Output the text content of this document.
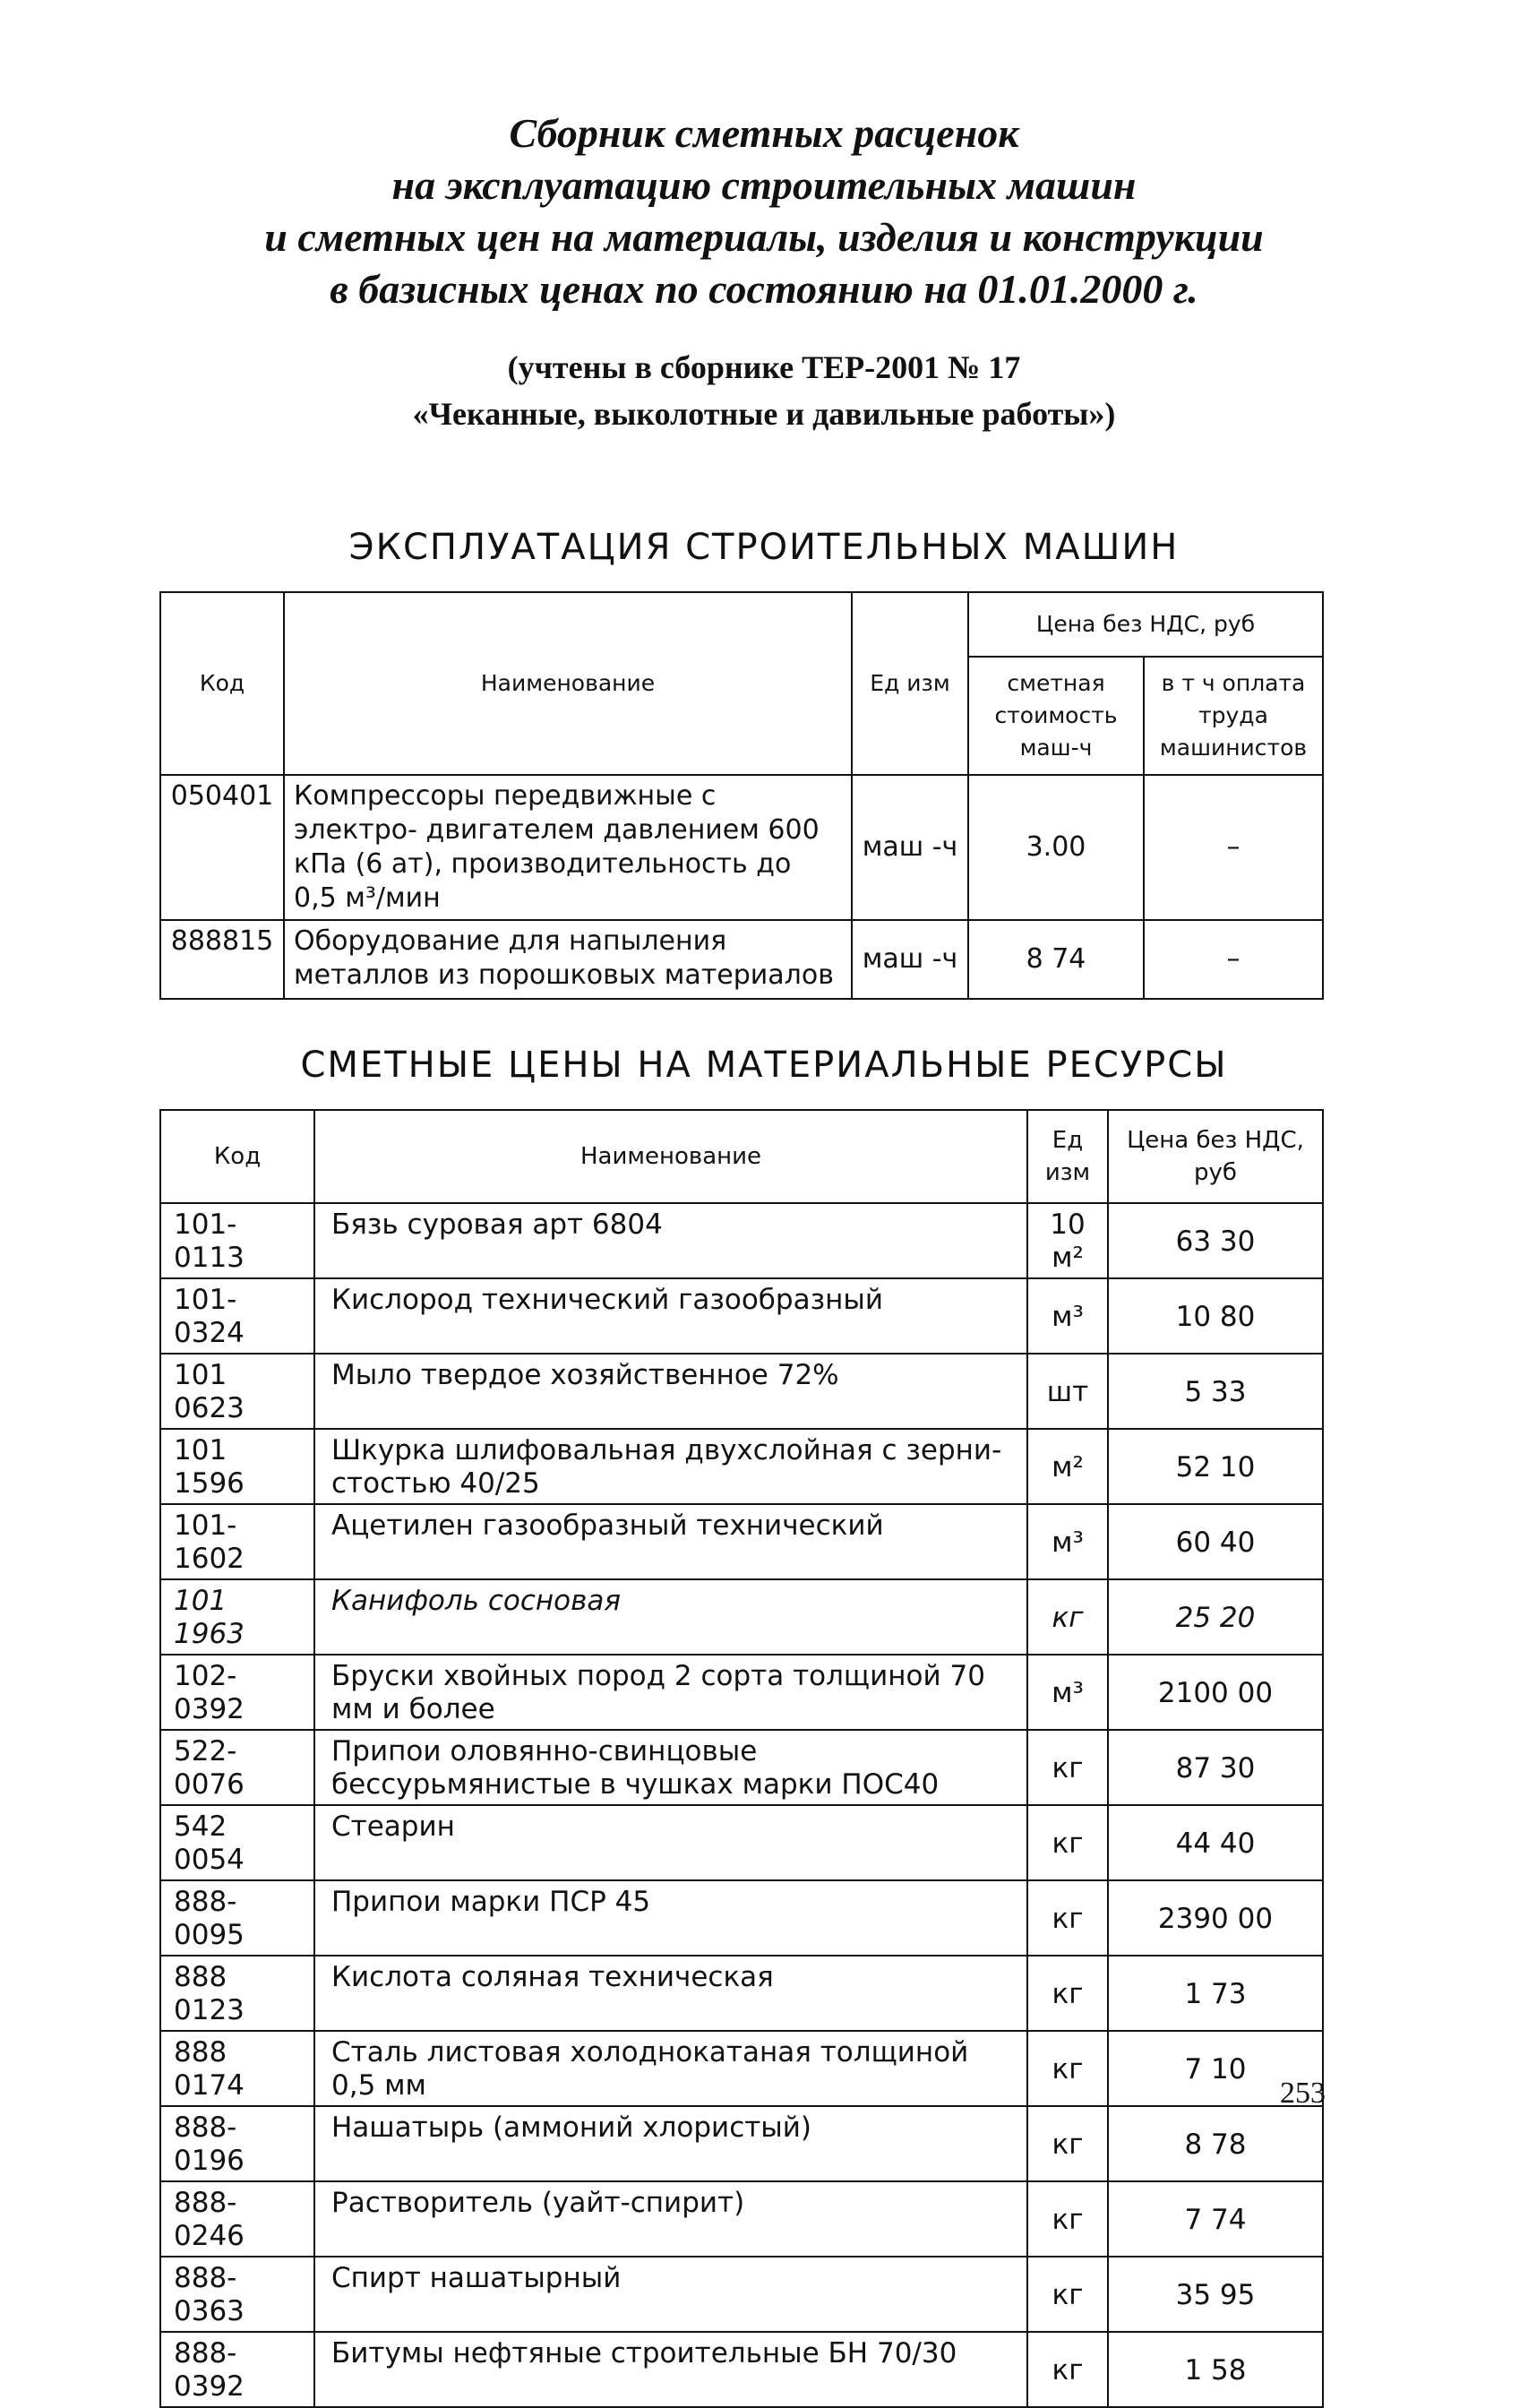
Сборник сметных расценок
на эксплуатацию строительных машин
и сметных цен на материалы, изделия и конструкции
в базисных ценах по состоянию на 01.01.2000 г.
(учтены в сборнике ТЕР-2001 № 17
«Чеканные, выколотные и давильные работы»)
ЭКСПЛУАТАЦИЯ СТРОИТЕЛЬНЫХ МАШИН
Код	Наименование	Ед изм	Цена без НДС, руб	
			сметная стоимость маш-ч	в т ч оплата труда машинистов
050401	Компрессоры передвижные с электро- двигателем давлением 600 кПа (6 ат), производительность до 0,5 м³/мин	маш -ч	3.00	–
888815	Оборудование для напыления металлов из порошковых материалов	маш -ч	8 74	–
СМЕТНЫЕ ЦЕНЫ НА МАТЕРИАЛЬНЫЕ РЕСУРСЫ
Код	Наименование	Ед изм	Цена без НДС, руб
101-0113	Бязь суровая арт 6804	10 м²	63 30
101-0324	Кислород технический газообразный	м³	10 80
101 0623	Мыло твердое хозяйственное 72%	шт	5 33
101 1596	Шкурка шлифовальная двухслойная с зерни- стостью 40/25	м²	52 10
101-1602	Ацетилен газообразный технический	м³	60 40
101 1963	Канифоль сосновая	кг	25 20
102-0392	Бруски хвойных пород 2 сорта толщиной 70 мм и более	м³	2100 00
522-0076	Припои оловянно-свинцовые бессурьмянистые в чушках марки ПОС40	кг	87 30
542 0054	Стеарин	кг	44 40
888-0095	Припои марки ПСР 45	кг	2390 00
888 0123	Кислота соляная техническая	кг	1 73
888 0174	Сталь листовая холоднокатаная толщиной 0,5 мм	кг	7 10
888-0196	Нашатырь (аммоний хлористый)	кг	8 78
888-0246	Растворитель (уайт-спирит)	кг	7 74
888-0363	Спирт нашатырный	кг	35 95
888-0392	Битумы нефтяные строительные БН 70/30	кг	1 58
253
